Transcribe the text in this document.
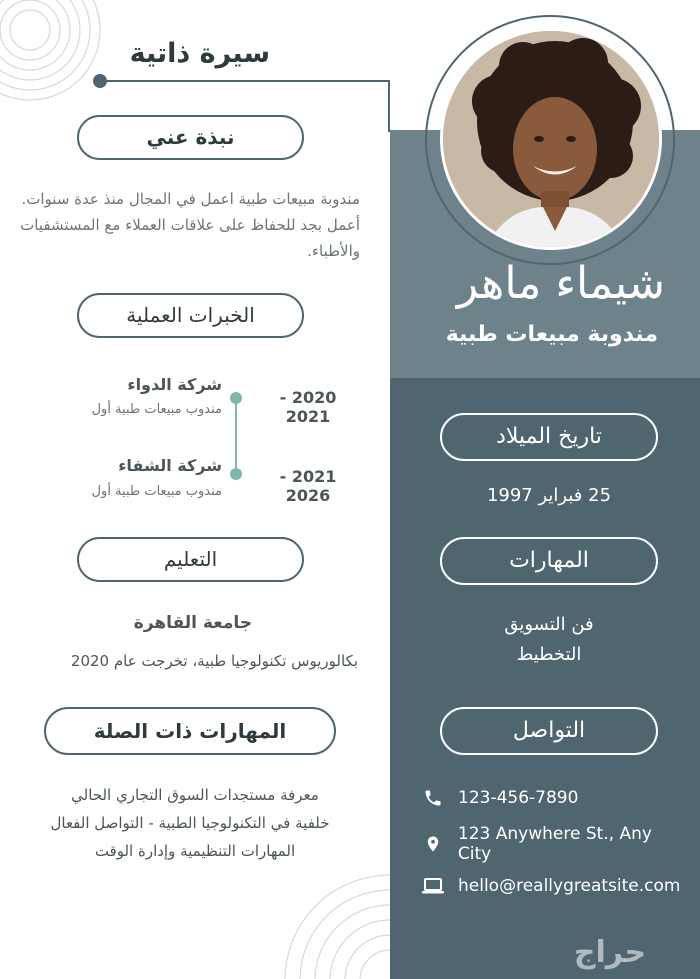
شيماء ماهر
مندوبة مبيعات طبية
تاريخ الميلاد
25 فبراير 1997
المهارات
فن التسويق
التخطيط
التواصل
123-456-7890
123 Anywhere St., Any City
hello@reallygreatsite.com
سيرة ذاتية
نبذة عني
مندوبة مبيعات طبية اعمل في المجال منذ عدة سنوات. أعمل بجد للحفاظ على علاقات العملاء مع المستشفيات والأطباء.
الخبرات العملية
شركة الدواء
مندوب مبيعات طبية أول
2020 - 2021
شركة الشفاء
مندوب مبيعات طبية أول
2021 - 2026
التعليم
جامعة القاهرة
بكالوريوس تكنولوجيا طبية، تخرجت عام 2020
المهارات ذات الصلة
معرفة مستجدات السوق التجاري الحالي
خلفية في التكنولوجيا الطبية - التواصل الفعال
المهارات التنظيمية وإدارة الوقت
حراج
